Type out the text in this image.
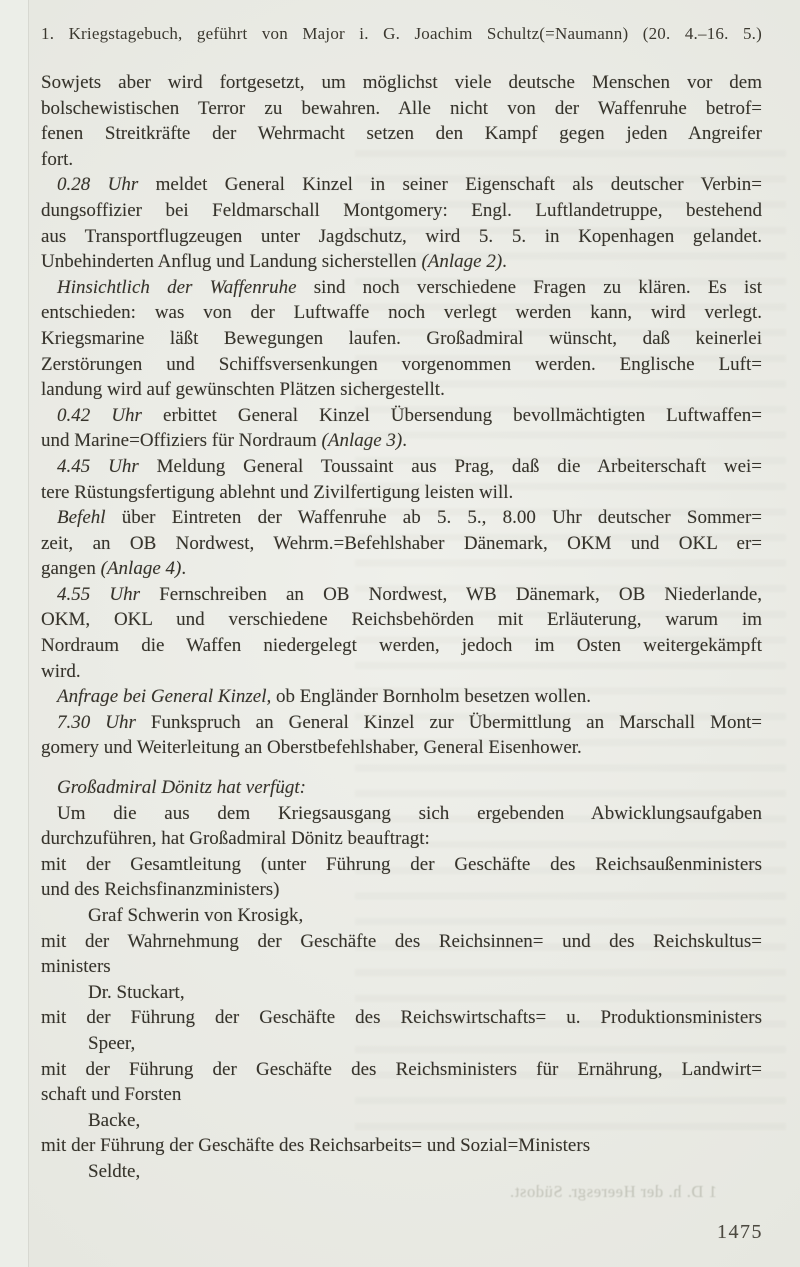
1. Kriegstagebuch, geführt von Major i. G. Joachim Schultz(=Naumann) (20. 4.–16. 5.)
Sowjets aber wird fortgesetzt, um möglichst viele deutsche Menschen vor dem
bolschewistischen Terror zu bewahren. Alle nicht von der Waffenruhe betrof=
fenen Streitkräfte der Wehrmacht setzen den Kampf gegen jeden Angreifer
fort.
0.28 Uhr meldet General Kinzel in seiner Eigenschaft als deutscher Verbin=
dungsoffizier bei Feldmarschall Montgomery: Engl. Luftlandetruppe, bestehend
aus Transportflugzeugen unter Jagdschutz, wird 5. 5. in Kopenhagen gelandet.
Unbehinderten Anflug und Landung sicherstellen (Anlage 2).
Hinsichtlich der Waffenruhe sind noch verschiedene Fragen zu klären. Es ist
entschieden: was von der Luftwaffe noch verlegt werden kann, wird verlegt.
Kriegsmarine läßt Bewegungen laufen. Großadmiral wünscht, daß keinerlei
Zerstörungen und Schiffsversenkungen vorgenommen werden. Englische Luft=
landung wird auf gewünschten Plätzen sichergestellt.
0.42 Uhr erbittet General Kinzel Übersendung bevollmächtigten Luftwaffen=
und Marine=Offiziers für Nordraum (Anlage 3).
4.45 Uhr Meldung General Toussaint aus Prag, daß die Arbeiterschaft wei=
tere Rüstungsfertigung ablehnt und Zivilfertigung leisten will.
Befehl über Eintreten der Waffenruhe ab 5. 5., 8.00 Uhr deutscher Sommer=
zeit, an OB Nordwest, Wehrm.=Befehlshaber Dänemark, OKM und OKL er=
gangen (Anlage 4).
4.55 Uhr Fernschreiben an OB Nordwest, WB Dänemark, OB Niederlande,
OKM, OKL und verschiedene Reichsbehörden mit Erläuterung, warum im
Nordraum die Waffen niedergelegt werden, jedoch im Osten weitergekämpft
wird.
Anfrage bei General Kinzel, ob Engländer Bornholm besetzen wollen.
7.30 Uhr Funkspruch an General Kinzel zur Übermittlung an Marschall Mont=
gomery und Weiterleitung an Oberstbefehlshaber, General Eisenhower.
Großadmiral Dönitz hat verfügt:
Um die aus dem Kriegsausgang sich ergebenden Abwicklungsaufgaben
durchzuführen, hat Großadmiral Dönitz beauftragt:
mit der Gesamtleitung (unter Führung der Geschäfte des Reichsaußenministers
und des Reichsfinanzministers)
Graf Schwerin von Krosigk,
mit der Wahrnehmung der Geschäfte des Reichsinnen= und des Reichskultus=
ministers
Dr. Stuckart,
mit der Führung der Geschäfte des Reichswirtschafts= u. Produktionsministers
Speer,
mit der Führung der Geschäfte des Reichsministers für Ernährung, Landwirt=
schaft und Forsten
Backe,
mit der Führung der Geschäfte des Reichsarbeits= und Sozial=Ministers
Seldte,
1 D. h. der Heeresgr. Südost.
1475
